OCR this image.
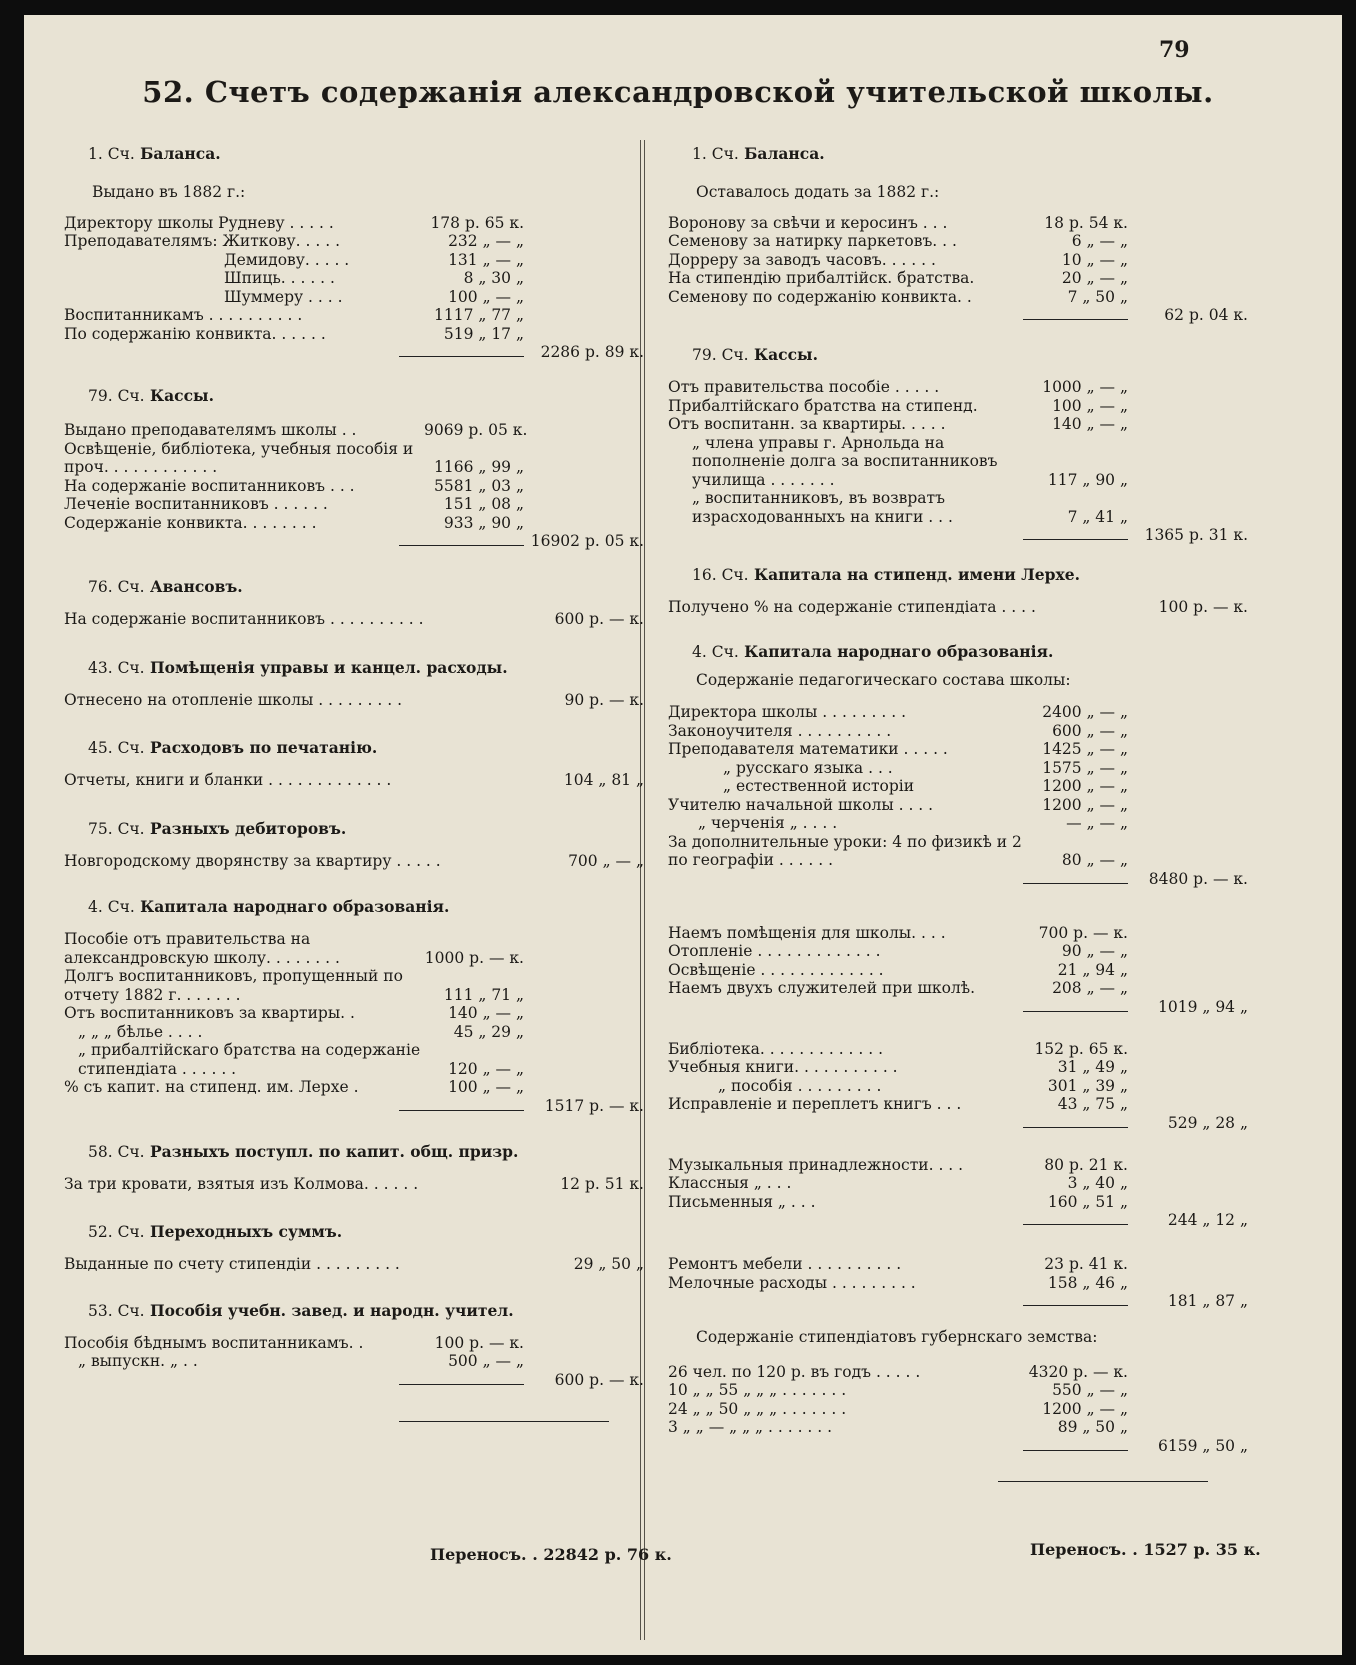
79
52. Счетъ содержанія александровской учительской школы.
1. Сч. Баланса.
Выдано въ 1882 г.:
Директору школы Рудневу . . . . .	178 р. 65 к.
Преподавателямъ: Житкову. . . . .	232 „ — „
Демидову. . . . .	131 „ — „
Шпиць. . . . . .	8 „ 30 „
Шуммеру . . . .	100 „ — „
Воспитанникамъ . . . . . . . . . .	1117 „ 77 „
По содержанію конвикта. . . . . .	519 „ 17 „
2286 р. 89 к.
79. Сч. Кассы.
Выдано преподавателямъ школы . .	9069 р. 05 к.
Освѣщеніе, библіотека, учебныя пособія и проч. . . . . . . . . . . .	1166 „ 99 „
На содержаніе воспитанниковъ . . .	5581 „ 03 „
Леченіе воспитанниковъ . . . . . .	151 „ 08 „
Содержаніе конвикта. . . . . . . .	933 „ 90 „
16902 р. 05 к.
76. Сч. Авансовъ.
На содержаніе воспитанниковъ . . . . . . . . . .	600 р. — к.
43. Сч. Помѣщенія управы и канцел. расходы.
Отнесено на отопленіе школы . . . . . . . . .	90 р. — к.
45. Сч. Расходовъ по печатанію.
Отчеты, книги и бланки . . . . . . . . . . . . .	104 „ 81 „
75. Сч. Разныхъ дебиторовъ.
Новгородскому дворянству за квартиру . . . . .	700 „ — „
4. Сч. Капитала народнаго образованія.
Пособіе отъ правительства на александровскую школу. . . . . . . .	1000 р. — к.
Долгъ воспитанниковъ, пропущенный по отчету 1882 г. . . . . . .	111 „ 71 „
Отъ воспитанниковъ за квартиры. .	140 „ — „
„ „ „ бѣлье . . . .	45 „ 29 „
„ прибалтійскаго братства на содержаніе стипендіата . . . . . .	120 „ — „
% съ капит. на стипенд. им. Лерхе .	100 „ — „
1517 р. — к.
58. Сч. Разныхъ поступл. по капит. общ. призр.
За три кровати, взятыя изъ Колмова. . . . . .	12 р. 51 к.
52. Сч. Переходныхъ суммъ.
Выданные по счету стипендіи . . . . . . . . .	29 „ 50 „
53. Сч. Пособія учебн. завед. и народн. учител.
Пособія бѣднымъ воспитанникамъ. .	100 р. — к.
„ выпускн. „ . .	500 „ — „
600 р. — к.
Переносъ. . 22842 р. 76 к.
1. Сч. Баланса.
Оставалось додать за 1882 г.:
Воронову за свѣчи и керосинъ . . .	18 р. 54 к.
Семенову за натирку паркетовъ. . .	6 „ — „
Дорреру за заводъ часовъ. . . . . .	10 „ — „
На стипендію прибалтійск. братства.	20 „ — „
Семенову по содержанію конвикта. .	7 „ 50 „
62 р. 04 к.
79. Сч. Кассы.
Отъ правительства пособіе . . . . .	1000 „ — „
Прибалтійскаго братства на стипенд.	100 „ — „
Отъ воспитанн. за квартиры. . . . .	140 „ — „
„ члена управы г. Арнольда на пополненіе долга за воспитанниковъ училища . . . . . . .	117 „ 90 „
„ воспитанниковъ, въ возвратъ израсходованныхъ на книги . . .	7 „ 41 „
1365 р. 31 к.
16. Сч. Капитала на стипенд. имени Лерхе.
Получено % на содержаніе стипендіата . . . .	100 р. — к.
4. Сч. Капитала народнаго образованія.
Содержаніе педагогическаго состава школы:
Директора школы . . . . . . . . .	2400 „ — „
Законоучителя . . . . . . . . . .	600 „ — „
Преподавателя математики . . . . .	1425 „ — „
„ русскаго языка . . .	1575 „ — „
„ естественной исторіи	1200 „ — „
Учителю начальной школы . . . .	1200 „ — „
„ черченія „ . . . .	— „ — „
За дополнительные уроки: 4 по физикѣ и 2 по географіи . . . . . .	80 „ — „
8480 р. — к.
Наемъ помѣщенія для школы. . . .	700 р. — к.
Отопленіе . . . . . . . . . . . . .	90 „ — „
Освѣщеніе . . . . . . . . . . . . .	21 „ 94 „
Наемъ двухъ служителей при школѣ.	208 „ — „
1019 „ 94 „
Библіотека. . . . . . . . . . . . .	152 р. 65 к.
Учебныя книги. . . . . . . . . . .	31 „ 49 „
„ пособія . . . . . . . . .	301 „ 39 „
Исправленіе и переплетъ книгъ . . .	43 „ 75 „
529 „ 28 „
Музыкальныя принадлежности. . . .	80 р. 21 к.
Классныя „ . . .	3 „ 40 „
Письменныя „ . . .	160 „ 51 „
244 „ 12 „
Ремонтъ мебели . . . . . . . . . .	23 р. 41 к.
Мелочные расходы . . . . . . . . .	158 „ 46 „
181 „ 87 „
Содержаніе стипендіатовъ губернскаго земства:
26 чел. по 120 р. въ годъ . . . . .	4320 р. — к.
10 „ „ 55 „ „ „ . . . . . . .	550 „ — „
24 „ „ 50 „ „ „ . . . . . . .	1200 „ — „
3 „ „ — „ „ „ . . . . . . .	89 „ 50 „
6159 „ 50 „
Переносъ. . 1527 р. 35 к.
